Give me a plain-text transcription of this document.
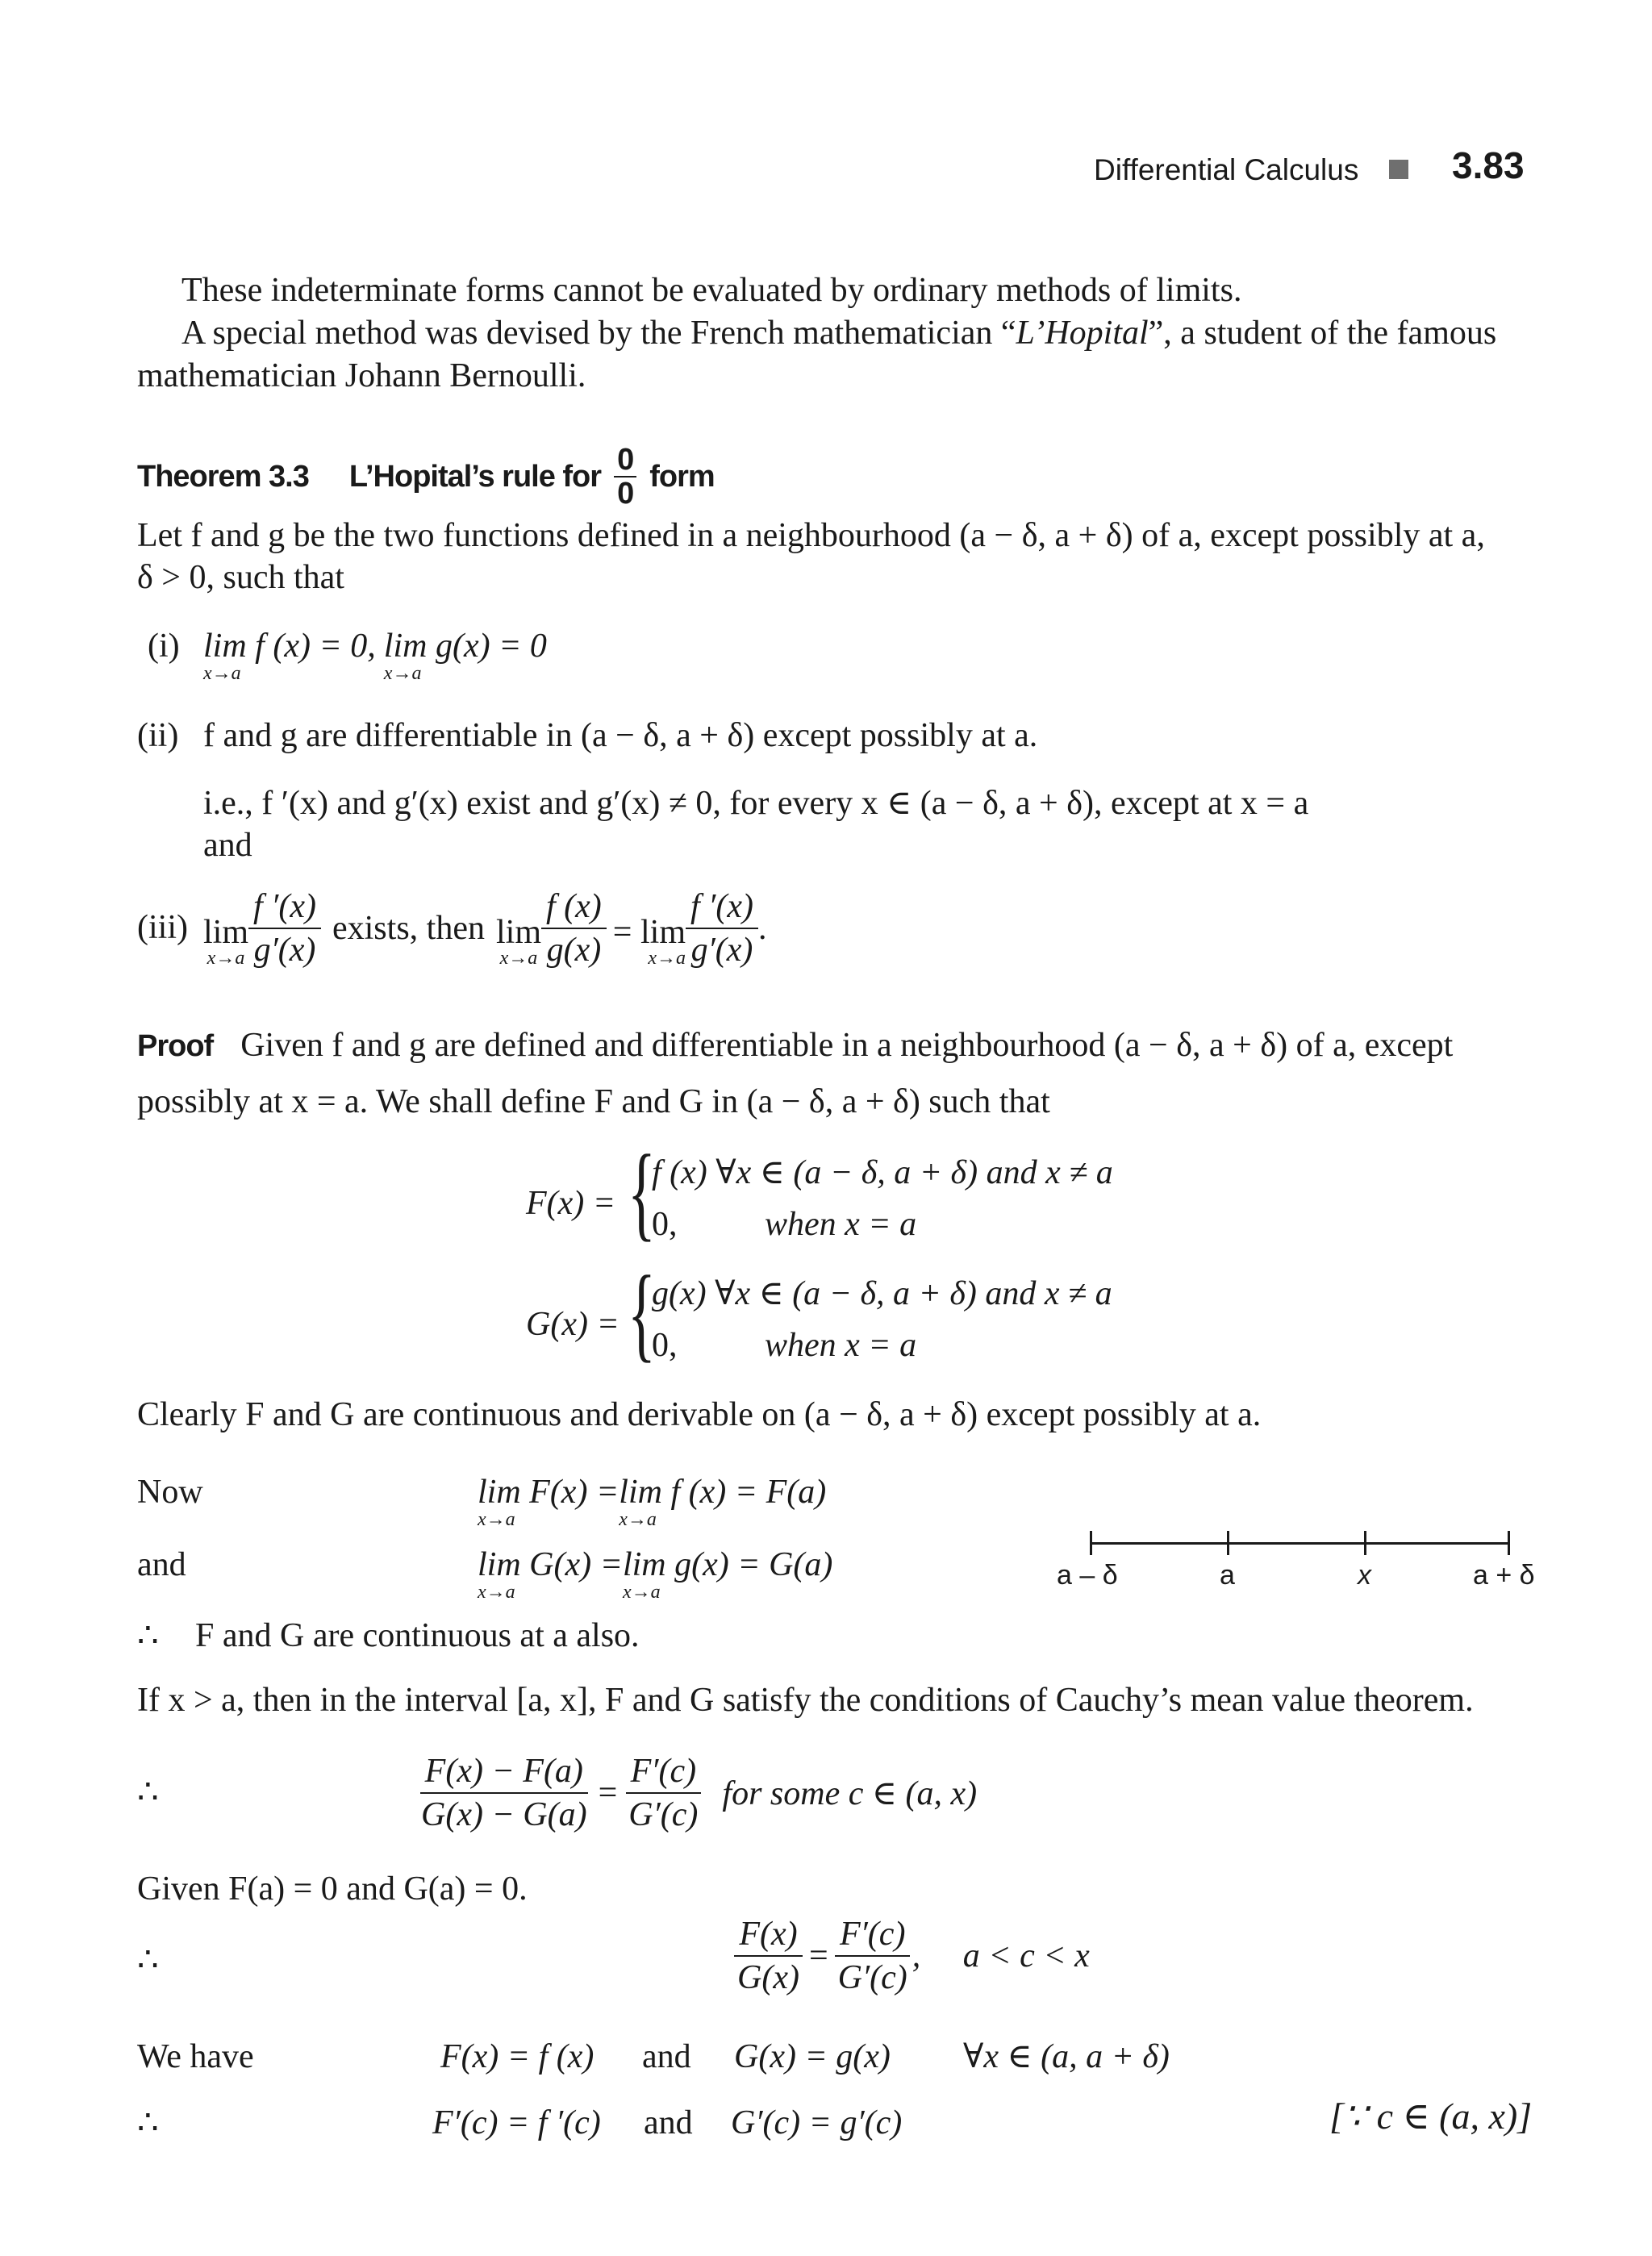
Differential Calculus	3.83
These indeterminate forms cannot be evaluated by ordinary methods of limits.
A special method was devised by the French mathematician “L’Hopital”, a student of the famous
mathematician Johann Bernoulli.
Theorem 3.3 L’Hopital’s rule for 0
0
form
Let f and g be the two functions defined in a neighbourhood (a − δ, a + δ) of a, except possibly at a,
δ > 0, such that
(i) lim f (x) = 0,
x→a
lim g(x) = 0
x→a
(ii) f and g are differentiable in (a − δ, a + δ) except possibly at a.
i.e., f ′(x) and g′(x) exist and g′(x) ≠ 0, for every x ∈ (a − δ, a + δ), except at x = a
and
(iii) lim
$x\to a \frac{f '(x)}{g'(x)}$ exists, then lim
$x\to a \frac{f (x)}{g(x)} = \lim$
$x\to a \frac{f '(x)}{g'(x)}$ .
Proof Given f and g are defined and differentiable in a neighbourhood (a − δ, a + δ) of a, except
possibly at x = a. We shall define F and G in (a − δ, a + δ) such that
F(x) = {
f (x) ∀x ∈ (a − δ, a + δ) and x ≠ a
0,	when x = a
G(x) = {
g(x) ∀x ∈ (a − δ, a + δ) and x ≠ a
0,	when x = a
Clearly F and G are continuous and derivable on (a − δ, a + δ) except possibly at a.
Now	lim F(x) =
x→a
lim f (x) = F(a)
x→a
and	lim G(x) =
x→a
lim g(x) = G(a)
x→a
a – δ	a	x	a + δ
∴ F and G are continuous at a also.
If x > a, then in the interval [a, x], F and G satisfy the conditions of Cauchy’s mean value theorem.
∴	$\frac{F(x) - F(a)}{G(x) - G(a)} = \frac{F'(c)}{G'(c)}$ for some c ∈ (a, x)
Given F(a) = 0 and G(a) = 0.
∴	$\frac{F(x)}{G(x)} = \frac{F'(c)}{G'(c)}$ ,     a < c < x
We have	F(x) = f (x) and G(x) = g(x) ∀x ∈ (a, a + δ)
∴	F′(c) = f ′(c) and G′(c) = g′(c)	[∵ c ∈ (a, x)]
